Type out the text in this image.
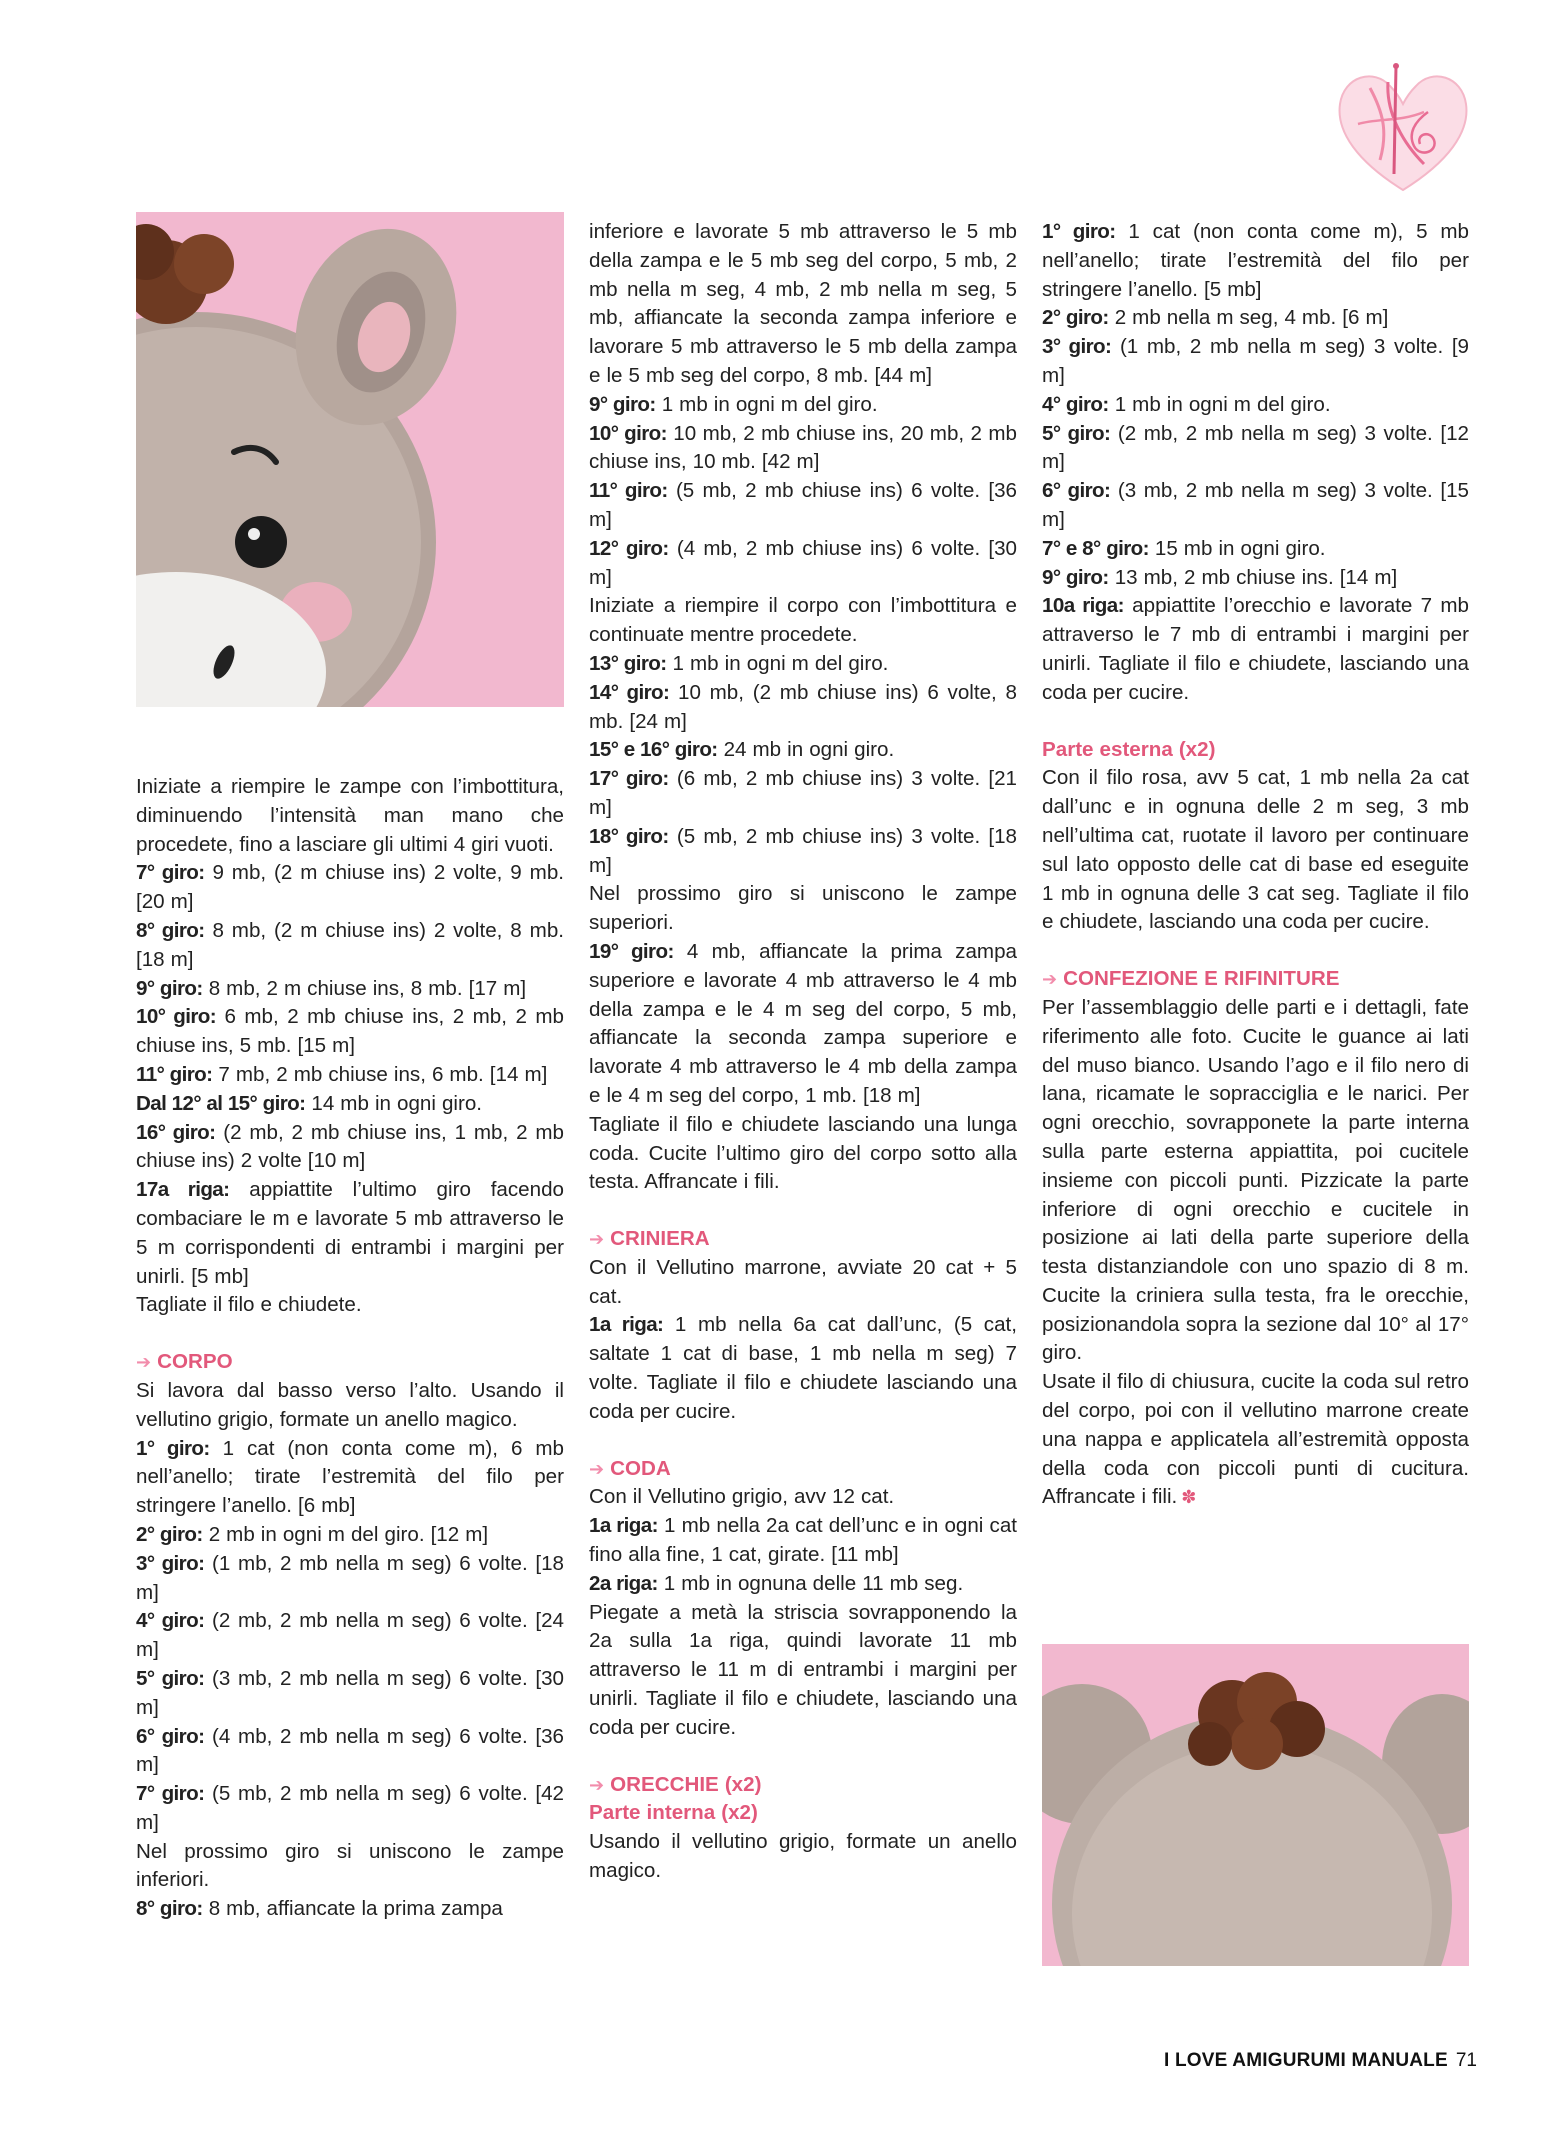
Iniziate a riempire le zampe con l’imbottitura, diminuendo l’intensità man mano che procedete, fino a lasciare gli ultimi 4 giri vuoti.

7° giro: 9 mb, (2 m chiuse ins) 2 volte, 9 mb. [20 m]

8° giro: 8 mb, (2 m chiuse ins) 2 volte, 8 mb. [18 m]

9° giro: 8 mb, 2 m chiuse ins, 8 mb. [17 m]

10° giro: 6 mb, 2 mb chiuse ins, 2 mb, 2 mb chiuse ins, 5 mb. [15 m]

11° giro: 7 mb, 2 mb chiuse ins, 6 mb. [14 m]

Dal 12° al 15° giro: 14 mb in ogni giro.

16° giro: (2 mb, 2 mb chiuse ins, 1 mb, 2 mb chiuse ins) 2 volte [10 m]

17a riga: appiattite l’ultimo giro facendo combaciare le m e lavorate 5 mb attraverso le 5 m corrispondenti di entrambi i margini per unirli. [5 mb]

Tagliate il filo e chiudete.

➔ CORPO

Si lavora dal basso verso l’alto. Usando il vellutino grigio, formate un anello magico.

1° giro: 1 cat (non conta come m), 6 mb nell’anello; tirate l’estremità del filo per stringere l’anello. [6 mb]

2° giro: 2 mb in ogni m del giro. [12 m]

3° giro: (1 mb, 2 mb nella m seg) 6 volte. [18 m]

4° giro: (2 mb, 2 mb nella m seg) 6 volte. [24 m]

5° giro: (3 mb, 2 mb nella m seg) 6 volte. [30 m]

6° giro: (4 mb, 2 mb nella m seg) 6 volte. [36 m]

7° giro: (5 mb, 2 mb nella m seg) 6 volte. [42 m]

Nel prossimo giro si uniscono le zampe inferiori.

8° giro: 8 mb, affiancate la prima zampa

inferiore e lavorate 5 mb attraverso le 5 mb della zampa e le 5 mb seg del corpo, 5 mb, 2 mb nella m seg, 4 mb, 2 mb nella m seg, 5 mb, affiancate la seconda zampa inferiore e lavorare 5 mb attraverso le 5 mb della zampa e le 5 mb seg del corpo, 8 mb. [44 m]

9° giro: 1 mb in ogni m del giro.

10° giro: 10 mb, 2 mb chiuse ins, 20 mb, 2 mb chiuse ins, 10 mb. [42 m]

11° giro: (5 mb, 2 mb chiuse ins) 6 volte. [36 m]

12° giro: (4 mb, 2 mb chiuse ins) 6 volte. [30 m]

Iniziate a riempire il corpo con l’imbottitura e continuate mentre procedete.

13° giro: 1 mb in ogni m del giro.

14° giro: 10 mb, (2 mb chiuse ins) 6 volte, 8 mb. [24 m]

15° e 16° giro: 24 mb in ogni giro.

17° giro: (6 mb, 2 mb chiuse ins) 3 volte. [21 m]

18° giro: (5 mb, 2 mb chiuse ins) 3 volte. [18 m]

Nel prossimo giro si uniscono le zampe superiori.

19° giro: 4 mb, affiancate la prima zampa superiore e lavorate 4 mb attraverso le 4 mb della zampa e le 4 m seg del corpo, 5 mb, affiancate la seconda zampa superiore e lavorate 4 mb attraverso le 4 mb della zampa e le 4 m seg del corpo, 1 mb. [18 m]

Tagliate il filo e chiudete lasciando una lunga coda. Cucite l’ultimo giro del corpo sotto alla testa. Affrancate i fili.

➔ CRINIERA

Con il Vellutino marrone, avviate 20 cat + 5 cat.

1a riga: 1 mb nella 6a cat dall’unc, (5 cat, saltate 1 cat di base, 1 mb nella m seg) 7 volte. Tagliate il filo e chiudete lasciando una coda per cucire.

➔ CODA

Con il Vellutino grigio, avv 12 cat.

1a riga: 1 mb nella 2a cat dell’unc e in ogni cat fino alla fine, 1 cat, girate. [11 mb]

2a riga: 1 mb in ognuna delle 11 mb seg.

Piegate a metà la striscia sovrapponendo la 2a sulla 1a riga, quindi lavorate 11 mb attraverso le 11 m di entrambi i margini per unirli. Tagliate il filo e chiudete, lasciando una coda per cucire.

➔ ORECCHIE (x2)

Parte interna (x2)

Usando il vellutino grigio, formate un anello magico.

1° giro: 1 cat (non conta come m), 5 mb nell’anello; tirate l’estremità del filo per stringere l’anello. [5 mb]

2° giro: 2 mb nella m seg, 4 mb. [6 m]

3° giro: (1 mb, 2 mb nella m seg) 3 volte. [9 m]

4° giro: 1 mb in ogni m del giro.

5° giro: (2 mb, 2 mb nella m seg) 3 volte. [12 m]

6° giro: (3 mb, 2 mb nella m seg) 3 volte. [15 m]

7° e 8° giro: 15 mb in ogni giro.

9° giro: 13 mb, 2 mb chiuse ins. [14 m]

10a riga: appiattite l’orecchio e lavorate 7 mb attraverso le 7 mb di entrambi i margini per unirli. Tagliate il filo e chiudete, lasciando una coda per cucire.

Parte esterna (x2)

Con il filo rosa, avv 5 cat, 1 mb nella 2a cat dall’unc e in ognuna delle 2 m seg, 3 mb nell’ultima cat, ruotate il lavoro per continuare sul lato opposto delle cat di base ed eseguite 1 mb in ognuna delle 3 cat seg. Tagliate il filo e chiudete, lasciando una coda per cucire.

➔ CONFEZIONE E RIFINITURE

Per l’assemblaggio delle parti e i dettagli, fate riferimento alle foto. Cucite le guance ai lati del muso bianco. Usando l’ago e il filo nero di lana, ricamate le sopracciglia e le narici. Per ogni orecchio, sovrapponete la parte interna sulla parte esterna appiattita, poi cucitele insieme con piccoli punti. Pizzicate la parte inferiore di ogni orecchio e cucitele in posizione ai lati della parte superiore della testa distanziandole con uno spazio di 8 m. Cucite la criniera sulla testa, fra le orecchie, posizionandola sopra la sezione dal 10° al 17° giro.

Usate il filo di chiusura, cucite la coda sul retro del corpo, poi con il vellutino marrone create una nappa e applicatela all’estremità opposta della coda con piccoli punti di cucitura. Affrancate i fili. ✽

I LOVE AMIGURUMI MANUALE 71
